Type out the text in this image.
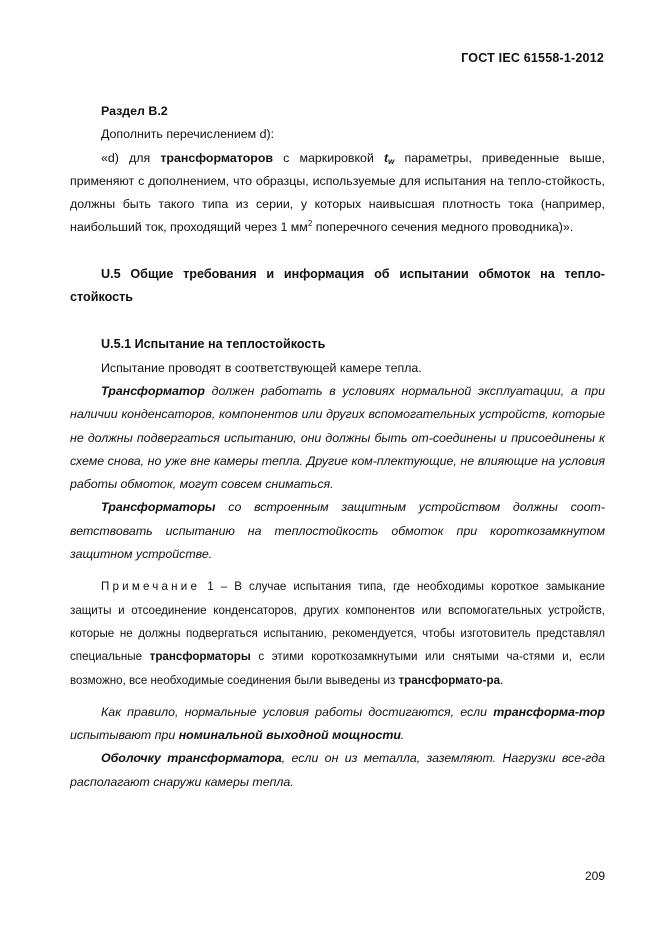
ГОСТ IEC 61558-1-2012

Раздел В.2

Дополнить перечислением d):

«d) для трансформаторов с маркировкой $t_w$ параметры, приведенные выше, применяют с дополнением, что образцы, используемые для испытания на тепло-стойкость, должны быть такого типа из серии, у которых наивысшая плотность тока (например, наибольший ток, проходящий через 1 $мм^2$ поперечного сечения медного проводника)».

U.5 Общие требования и информация об испытании обмоток на тепло-стойкость

U.5.1 Испытание на теплостойкость

Испытание проводят в соответствующей камере тепла.

Трансформатор должен работать в условиях нормальной эксплуатации, а при наличии конденсаторов, компонентов или других вспомогательных устройств, которые не должны подвергаться испытанию, они должны быть от-соединены и присоединены к схеме снова, но уже вне камеры тепла. Другие ком-плектующие, не влияющие на условия работы обмоток, могут совсем сниматься.

Трансформаторы со встроенным защитным устройством должны соот-ветствовать испытанию на теплостойкость обмоток при короткозамкнутом защитном устройстве.

Примечание 1 – В случае испытания типа, где необходимы короткое замыкание защиты и отсоединение конденсаторов, других компонентов или вспомогательных устройств, которые не должны подвергаться испытанию, рекомендуется, чтобы изготовитель представлял специальные трансформаторы с этими короткозамкнутыми или снятыми ча-стями и, если возможно, все необходимые соединения были выведены из трансформато-ра.

Как правило, нормальные условия работы достигаются, если трансформа-тор испытывают при номинальной выходной мощности.

Оболочку трансформатора, если он из металла, заземляют. Нагрузки все-гда располагают снаружи камеры тепла.

209
